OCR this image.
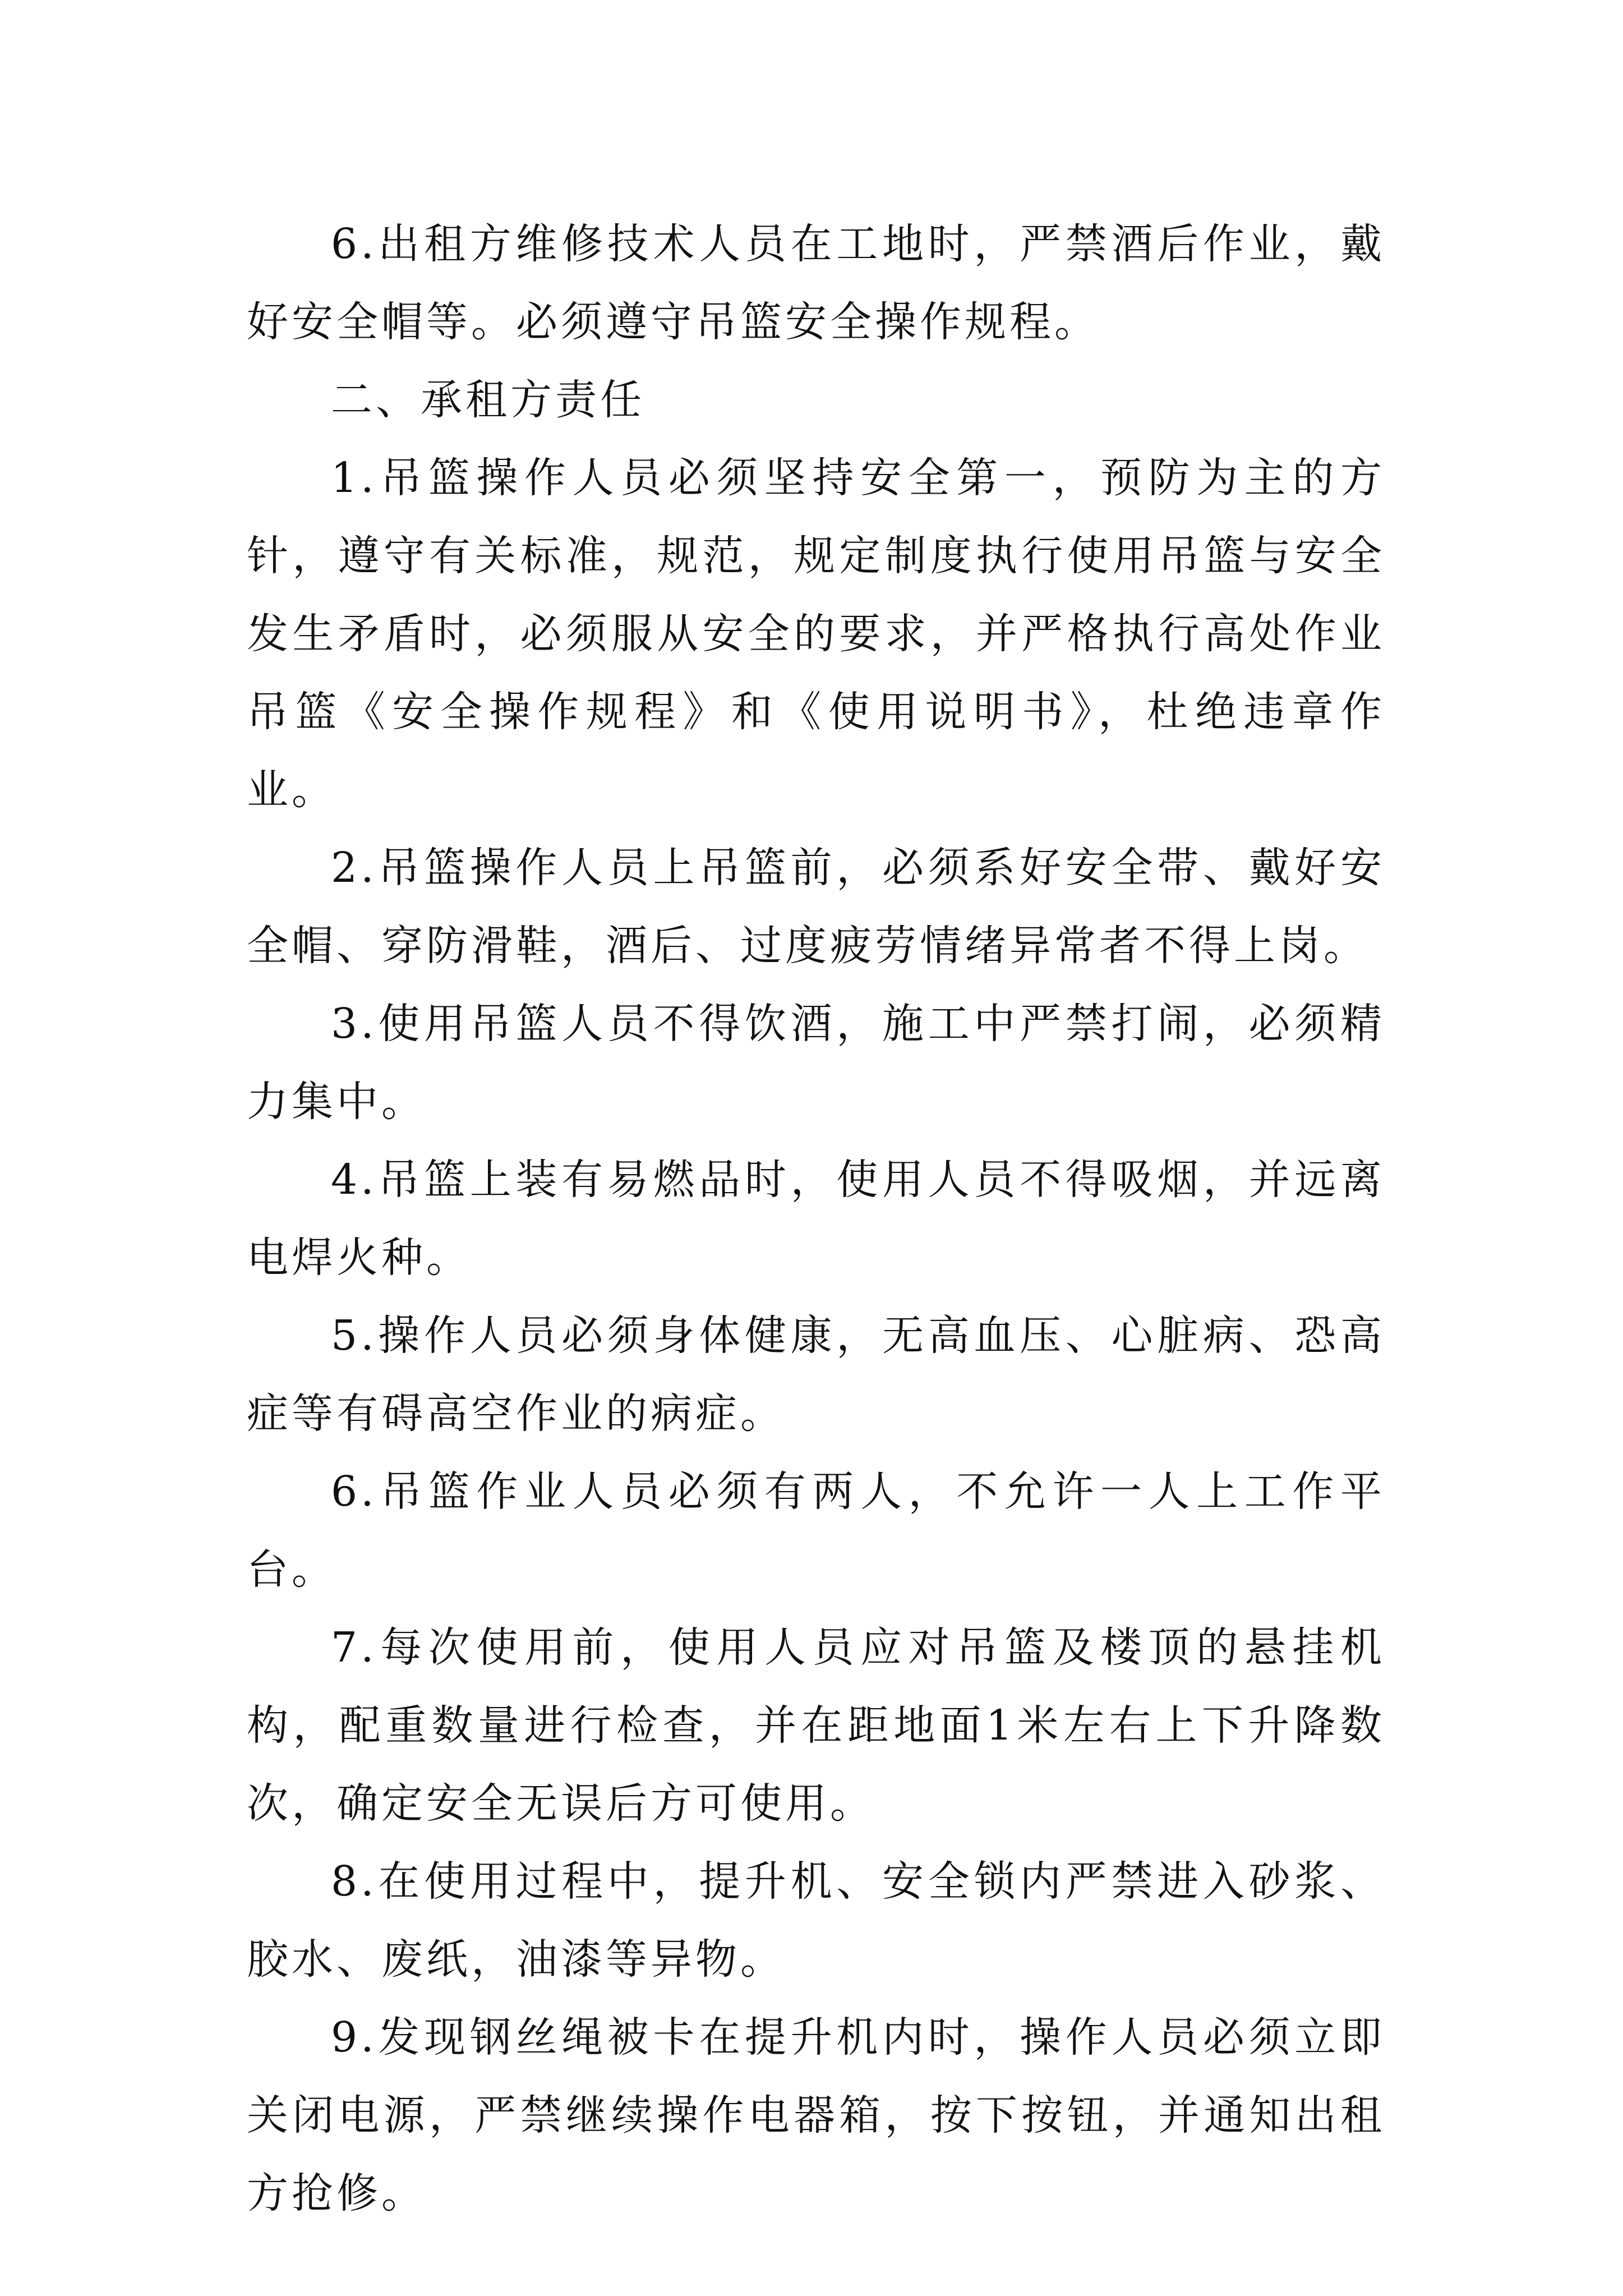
6.出租方维修技术人员在工地时，严禁酒后作业，戴好安全帽等。必须遵守吊篮安全操作规程。

二、承租方责任

1.吊篮操作人员必须坚持安全第一，预防为主的方针，遵守有关标准，规范，规定制度执行使用吊篮与安全发生矛盾时，必须服从安全的要求，并严格执行高处作业吊篮《安全操作规程》和《使用说明书》，杜绝违章作业。

2.吊篮操作人员上吊篮前，必须系好安全带、戴好安全帽、穿防滑鞋，酒后、过度疲劳情绪异常者不得上岗。

3.使用吊篮人员不得饮酒，施工中严禁打闹，必须精力集中。

4.吊篮上装有易燃品时，使用人员不得吸烟，并远离电焊火种。

5.操作人员必须身体健康，无高血压、心脏病、恐高症等有碍高空作业的病症。

6.吊篮作业人员必须有两人，不允许一人上工作平台。

7.每次使用前，使用人员应对吊篮及楼顶的悬挂机构，配重数量进行检查，并在距地面1米左右上下升降数次，确定安全无误后方可使用。

8.在使用过程中，提升机、安全锁内严禁进入砂浆、胶水、废纸，油漆等异物。

9.发现钢丝绳被卡在提升机内时，操作人员必须立即关闭电源，严禁继续操作电器箱，按下按钮，并通知出租方抢修。
